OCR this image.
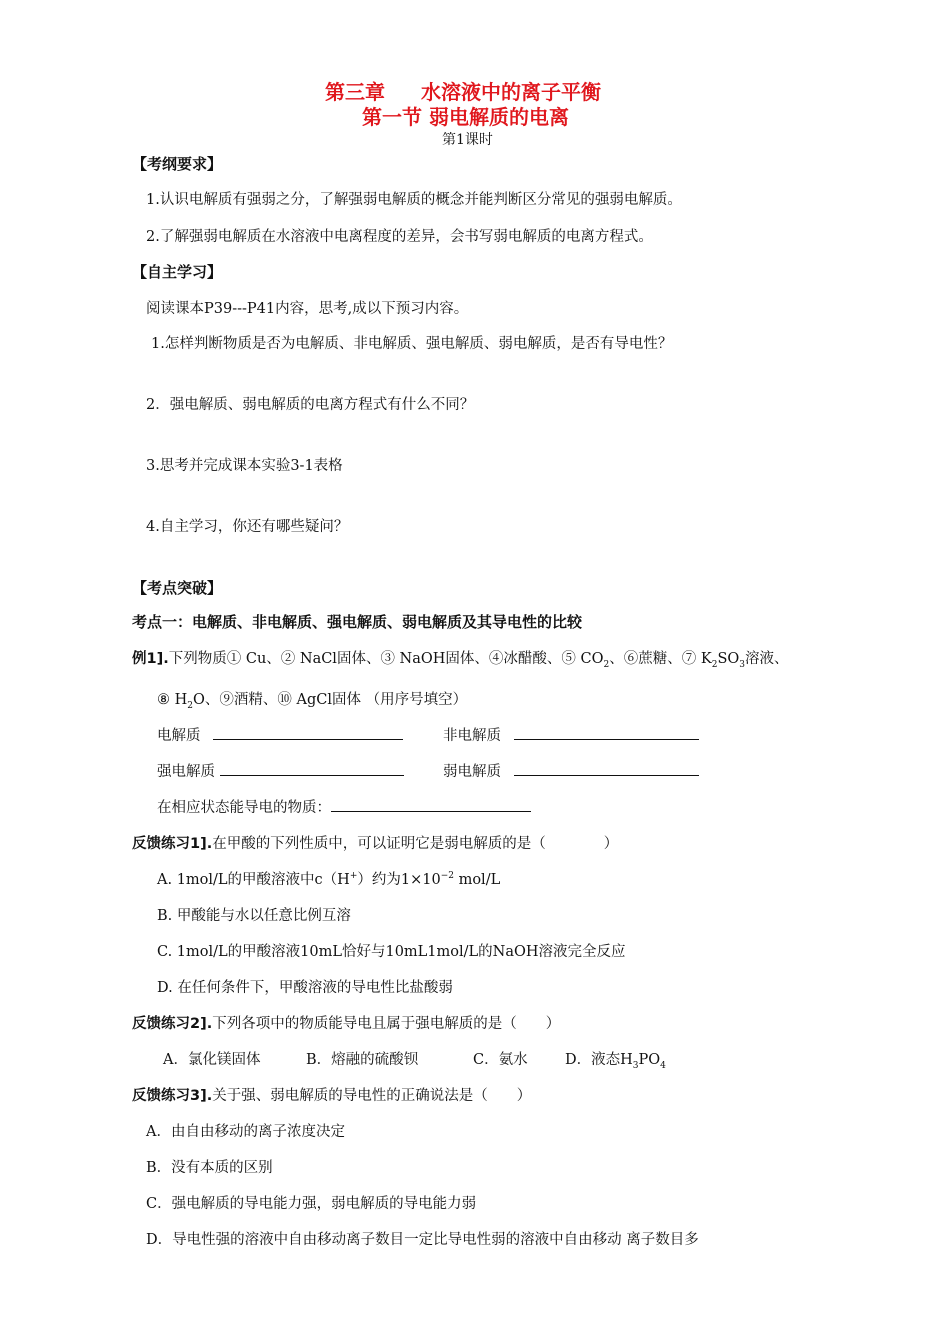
第三章 水溶液中的离子平衡
第一节 弱电解质的电离
第1课时
【考纲要求】
1.认识电解质有强弱之分，了解强弱电解质的概念并能判断区分常见的强弱电解质。
2.了解强弱电解质在水溶液中电离程度的差异，会书写弱电解质的电离方程式。
【自主学习】
阅读课本P39---P41内容，思考,成以下预习内容。
1.怎样判断物质是否为电解质、非电解质、强电解质、弱电解质，是否有导电性？
2．强电解质、弱电解质的电离方程式有什么不同？
3.思考并完成课本实验3-1表格
4.自主学习，你还有哪些疑问？
【考点突破】
考点一：电解质、非电解质、强电解质、弱电解质及其导电性的比较
例1].下列物质① Cu、② NaCl固体、③ NaOH固体、④冰醋酸、⑤ $CO_2$、⑥蔗糖、⑦ $K_2SO_3$溶液、
⑧ $H_2O$、⑨酒精、⑩ AgCl固体 （用序号填空）
电解质	非电解质
强电解质	弱电解质
在相应状态能导电的物质：
反馈练习1].在甲酸的下列性质中，可以证明它是弱电解质的是（　　　　）
A. 1mol/L的甲酸溶液中c（H+）约为$1\times 10^{-2}$ mol/L
B. 甲酸能与水以任意比例互溶
C. 1mol/L的甲酸溶液10mL恰好与10mL1mol/L的NaOH溶液完全反应
D. 在任何条件下，甲酸溶液的导电性比盐酸弱
反馈练习2].下列各项中的物质能导电且属于强电解质的是（　　）
A．氯化镁固体	B．熔融的硫酸钡	C．氨水	D．液态$H_3PO_4$
反馈练习3].关于强、弱电解质的导电性的正确说法是（　　）
A．由自由移动的离子浓度决定
B．没有本质的区别
C．强电解质的导电能力强，弱电解质的导电能力弱
D．导电性强的溶液中自由移动离子数目一定比导电性弱的溶液中自由移动 离子数目多
